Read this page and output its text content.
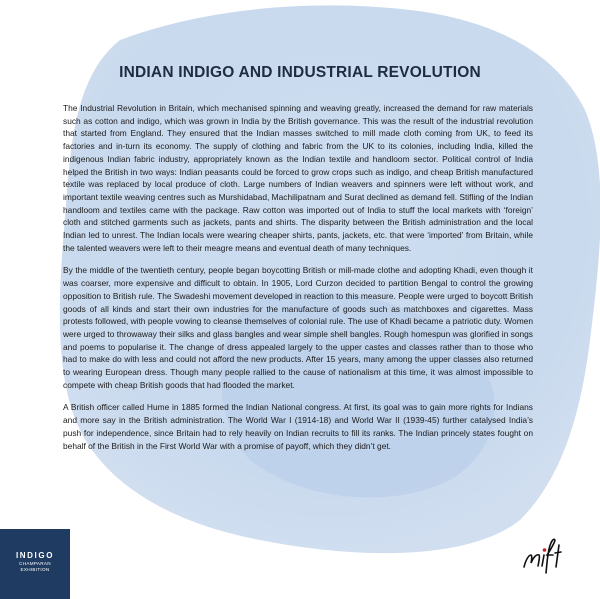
INDIAN INDIGO AND INDUSTRIAL REVOLUTION

The Industrial Revolution in Britain, which mechanised spinning and weaving greatly, increased the demand for raw materials such as cotton and indigo, which was grown in India by the British governance. This was the result of the industrial revolution that started from England. They ensured that the Indian masses switched to mill made cloth coming from UK, to feed its factories and in-turn its economy. The supply of clothing and fabric from the UK to its colonies, including India, killed the indigenous Indian fabric industry, appropriately known as the Indian textile and handloom sector. Political control of India helped the British in two ways: Indian peasants could be forced to grow crops such as indigo, and cheap British manufactured textile was replaced by local produce of cloth. Large numbers of Indian weavers and spinners were left without work, and important textile weaving centres such as Murshidabad, Machilipatnam and Surat declined as demand fell. Stifling of the Indian handloom and textiles came with the package. Raw cotton was imported out of India to stuff the local markets with ‘foreign’ cloth and stitched garments such as jackets, pants and shirts. The disparity between the British administration and the local Indian led to unrest. The Indian locals were wearing cheaper shirts, pants, jackets, etc. that were ‘imported’ from Britain, while the talented weavers were left to their meagre means and eventual death of many techniques.

By the middle of the twentieth century, people began boycotting British or mill-made clothe and adopting Khadi, even though it was coarser, more expensive and difficult to obtain. In 1905, Lord Curzon decided to partition Bengal to control the growing opposition to British rule. The Swadeshi movement developed in reaction to this measure. People were urged to boycott British goods of all kinds and start their own industries for the manufacture of goods such as matchboxes and cigarettes. Mass protests followed, with people vowing to cleanse themselves of colonial rule. The use of Khadi became a patriotic duty. Women were urged to throwaway their silks and glass bangles and wear simple shell bangles. Rough homespun was glorified in songs and poems to popularise it. The change of dress appealed largely to the upper castes and classes rather than to those who had to make do with less and could not afford the new products. After 15 years, many among the upper classes also returned to wearing European dress. Though many people rallied to the cause of nationalism at this time, it was almost impossible to compete with cheap British goods that had flooded the market.

A British officer called Hume in 1885 formed the Indian National congress. At first, its goal was to gain more rights for Indians and more say in the British administration. The World War I (1914-18) and World War II (1939-45) further catalysed India’s push for independence, since Britain had to rely heavily on Indian recruits to fill its ranks. The Indian princely states fought on behalf of the British in the First World War with a promise of payoff, which they didn’t get.

INDIGO
CHAMPARAN
EXHIBITION
